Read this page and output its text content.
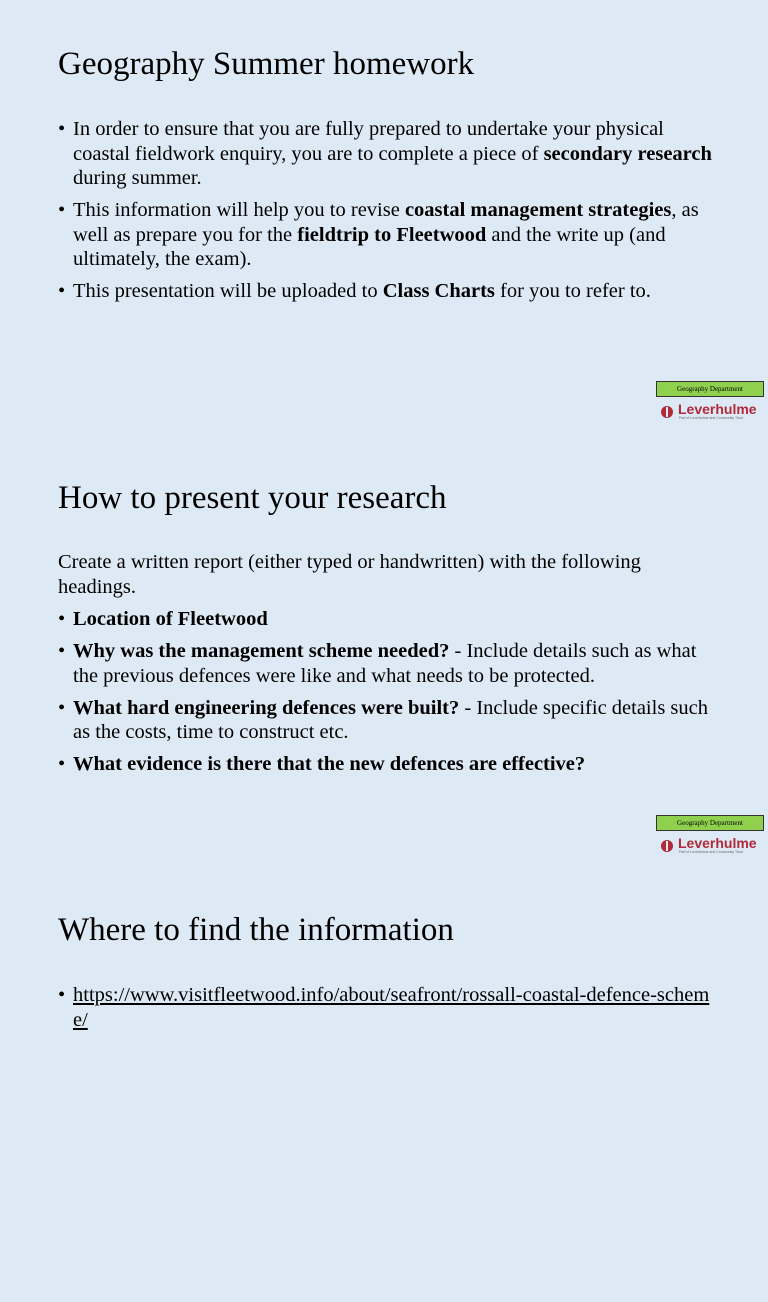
Geography Summer homework
• In order to ensure that you are fully prepared to undertake your physical coastal fieldwork enquiry, you are to complete a piece of secondary research during summer.
• This information will help you to revise coastal management strategies, as well as prepare you for the fieldtrip to Fleetwood and the write up (and ultimately, the exam).
• This presentation will be uploaded to Class Charts for you to refer to.
Geography Department
Leverhulme
Part of Leverhulme and Community Trust
How to present your research

Create a written report (either typed or handwritten) with the following headings.

• Location of Fleetwood
• Why was the management scheme needed? - Include details such as what the previous defences were like and what needs to be protected.
• What hard engineering defences were built? - Include specific details such as the costs, time to construct etc.
• What evidence is there that the new defences are effective?
Geography Department
Leverhulme
Part of Leverhulme and Community Trust
Where to find the information
• https://www.visitfleetwood.info/about/seafront/rossall-coastal-defence-scheme/
